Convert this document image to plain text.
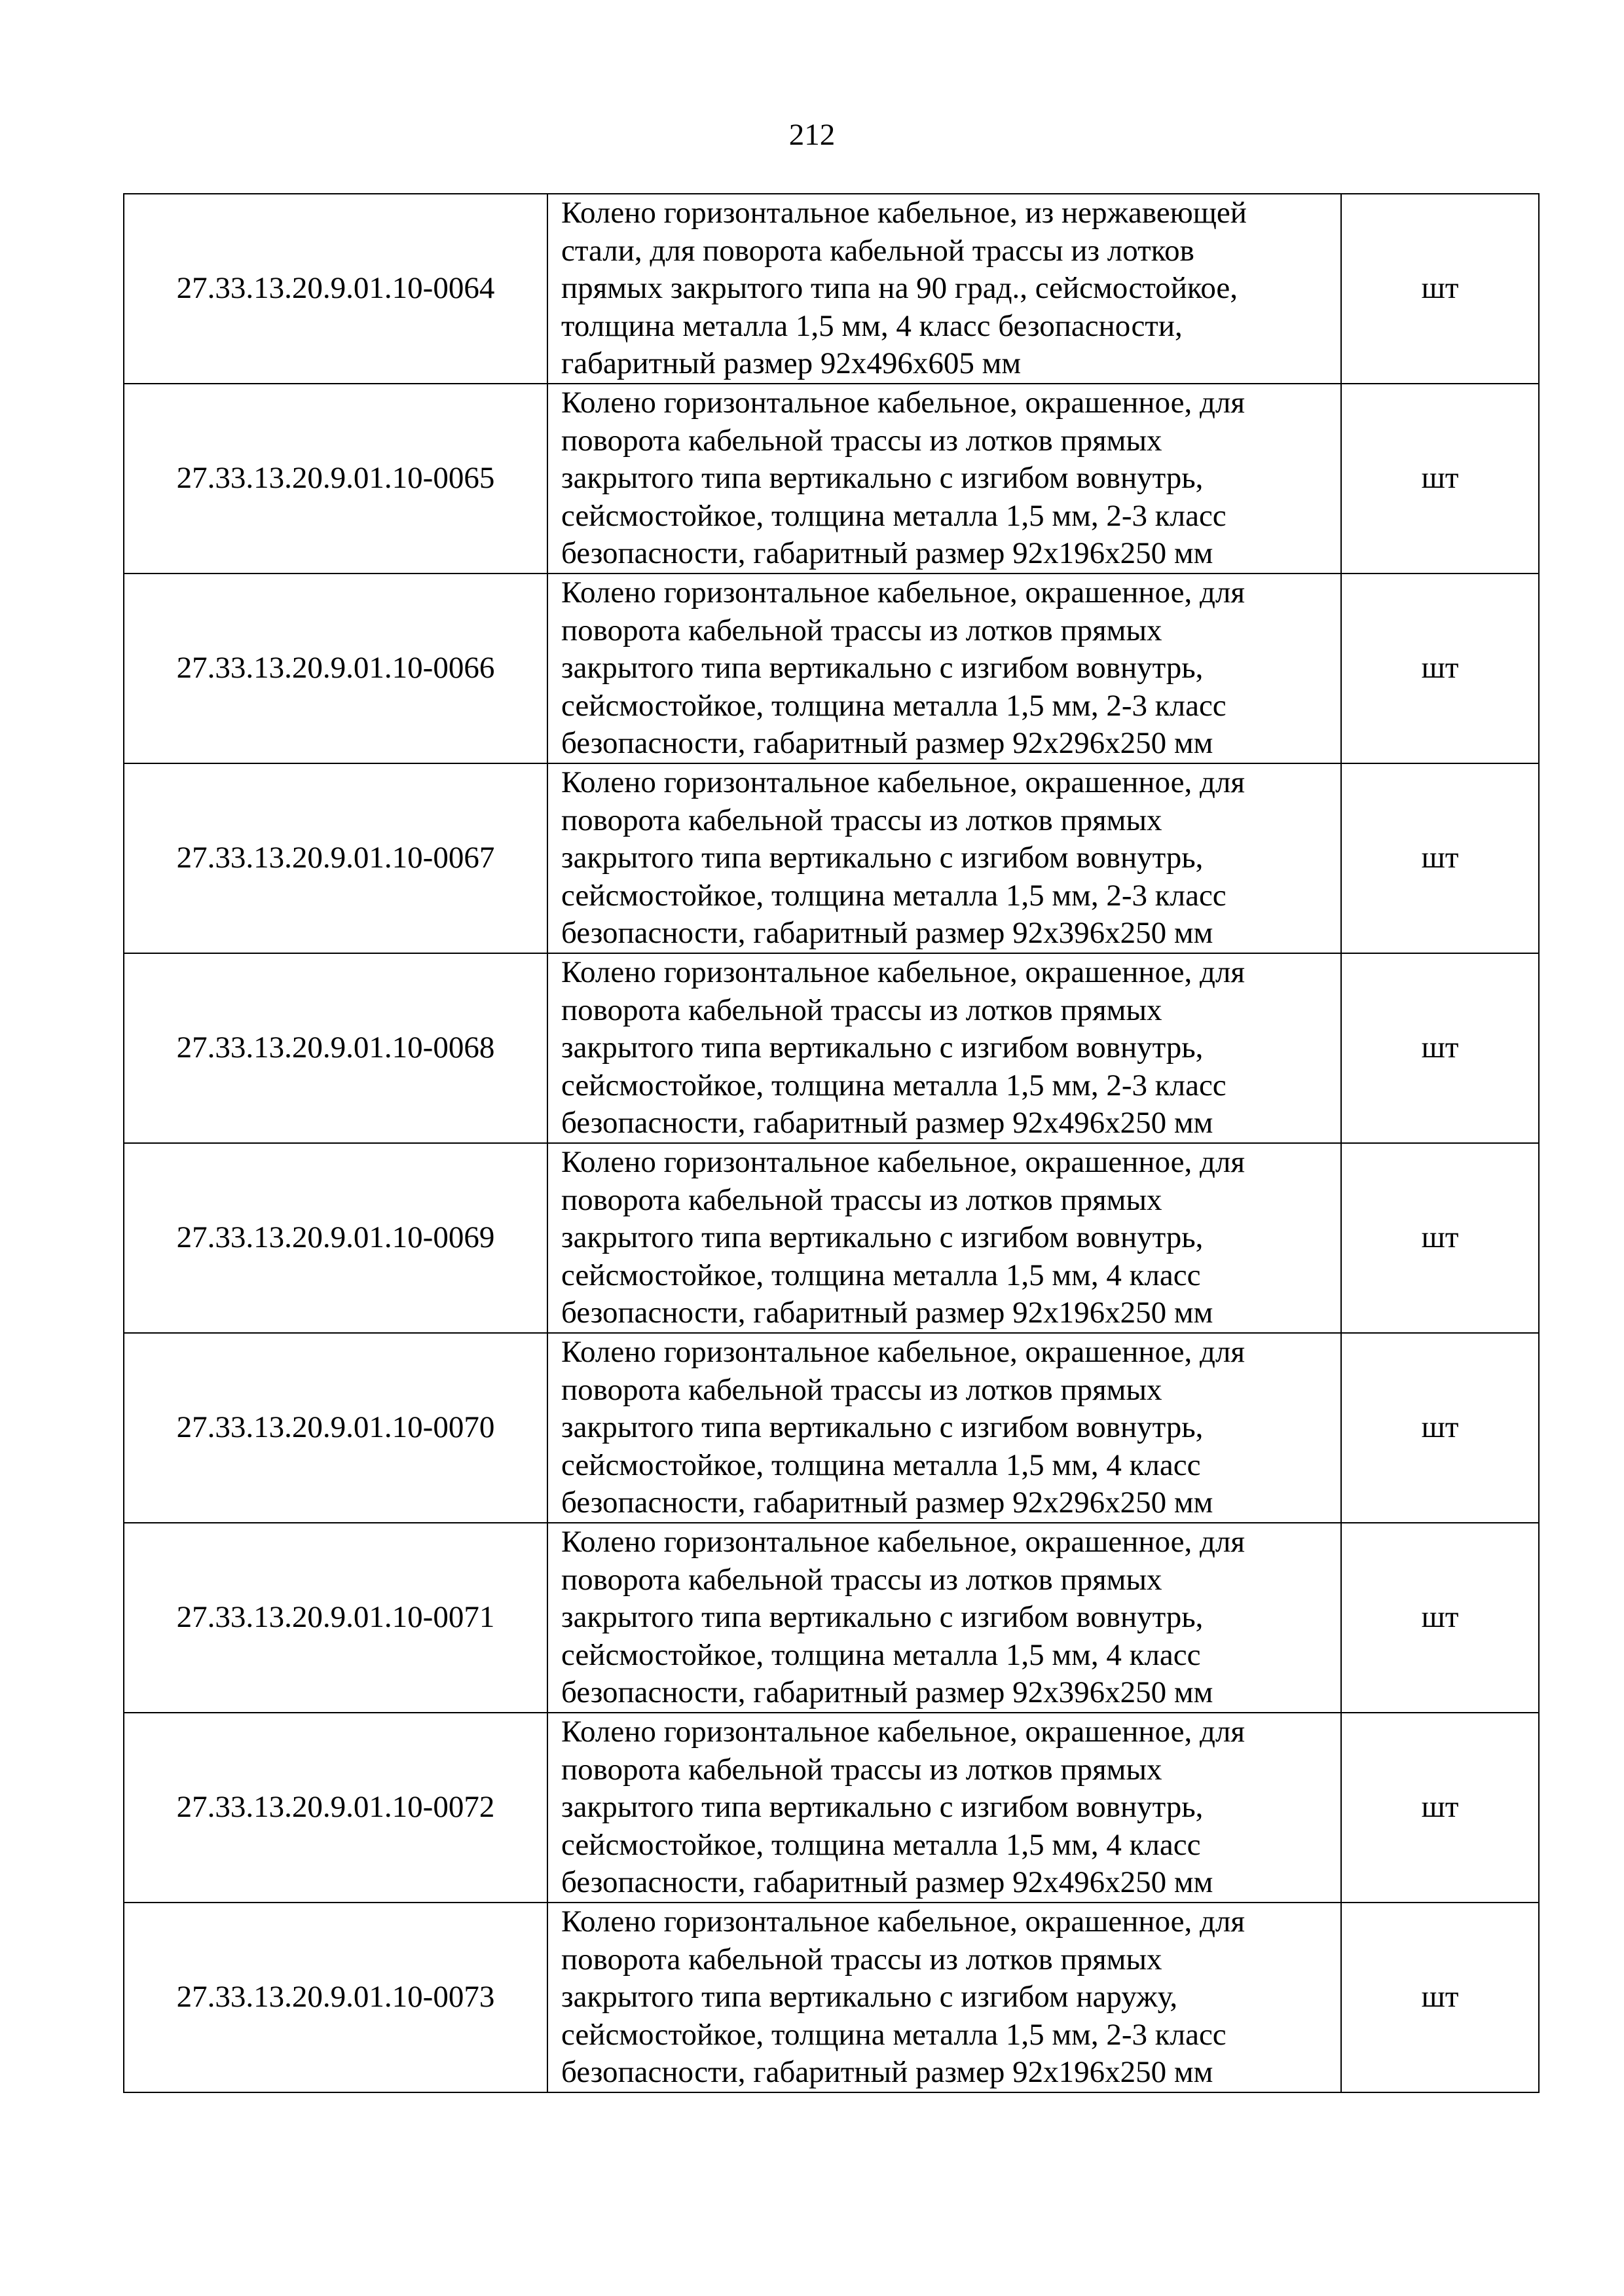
212
27.33.13.20.9.01.10-0064	Колено горизонтальное кабельное, из нержавеющей
стали, для поворота кабельной трассы из лотков
прямых закрытого типа на 90 град., сейсмостойкое,
толщина металла 1,5 мм, 4 класс безопасности,
габаритный размер 92х496х605 мм	шт
27.33.13.20.9.01.10-0065	Колено горизонтальное кабельное, окрашенное, для
поворота кабельной трассы из лотков прямых
закрытого типа вертикально с изгибом вовнутрь,
сейсмостойкое, толщина металла 1,5 мм, 2-3 класс
безопасности, габаритный размер 92х196х250 мм	шт
27.33.13.20.9.01.10-0066	Колено горизонтальное кабельное, окрашенное, для
поворота кабельной трассы из лотков прямых
закрытого типа вертикально с изгибом вовнутрь,
сейсмостойкое, толщина металла 1,5 мм, 2-3 класс
безопасности, габаритный размер 92х296х250 мм	шт
27.33.13.20.9.01.10-0067	Колено горизонтальное кабельное, окрашенное, для
поворота кабельной трассы из лотков прямых
закрытого типа вертикально с изгибом вовнутрь,
сейсмостойкое, толщина металла 1,5 мм, 2-3 класс
безопасности, габаритный размер 92х396х250 мм	шт
27.33.13.20.9.01.10-0068	Колено горизонтальное кабельное, окрашенное, для
поворота кабельной трассы из лотков прямых
закрытого типа вертикально с изгибом вовнутрь,
сейсмостойкое, толщина металла 1,5 мм, 2-3 класс
безопасности, габаритный размер 92х496х250 мм	шт
27.33.13.20.9.01.10-0069	Колено горизонтальное кабельное, окрашенное, для
поворота кабельной трассы из лотков прямых
закрытого типа вертикально с изгибом вовнутрь,
сейсмостойкое, толщина металла 1,5 мм, 4 класс
безопасности, габаритный размер 92х196х250 мм	шт
27.33.13.20.9.01.10-0070	Колено горизонтальное кабельное, окрашенное, для
поворота кабельной трассы из лотков прямых
закрытого типа вертикально с изгибом вовнутрь,
сейсмостойкое, толщина металла 1,5 мм, 4 класс
безопасности, габаритный размер 92х296х250 мм	шт
27.33.13.20.9.01.10-0071	Колено горизонтальное кабельное, окрашенное, для
поворота кабельной трассы из лотков прямых
закрытого типа вертикально с изгибом вовнутрь,
сейсмостойкое, толщина металла 1,5 мм, 4 класс
безопасности, габаритный размер 92х396х250 мм	шт
27.33.13.20.9.01.10-0072	Колено горизонтальное кабельное, окрашенное, для
поворота кабельной трассы из лотков прямых
закрытого типа вертикально с изгибом вовнутрь,
сейсмостойкое, толщина металла 1,5 мм, 4 класс
безопасности, габаритный размер 92х496х250 мм	шт
27.33.13.20.9.01.10-0073	Колено горизонтальное кабельное, окрашенное, для
поворота кабельной трассы из лотков прямых
закрытого типа вертикально с изгибом наружу,
сейсмостойкое, толщина металла 1,5 мм, 2-3 класс
безопасности, габаритный размер 92х196х250 мм	шт
